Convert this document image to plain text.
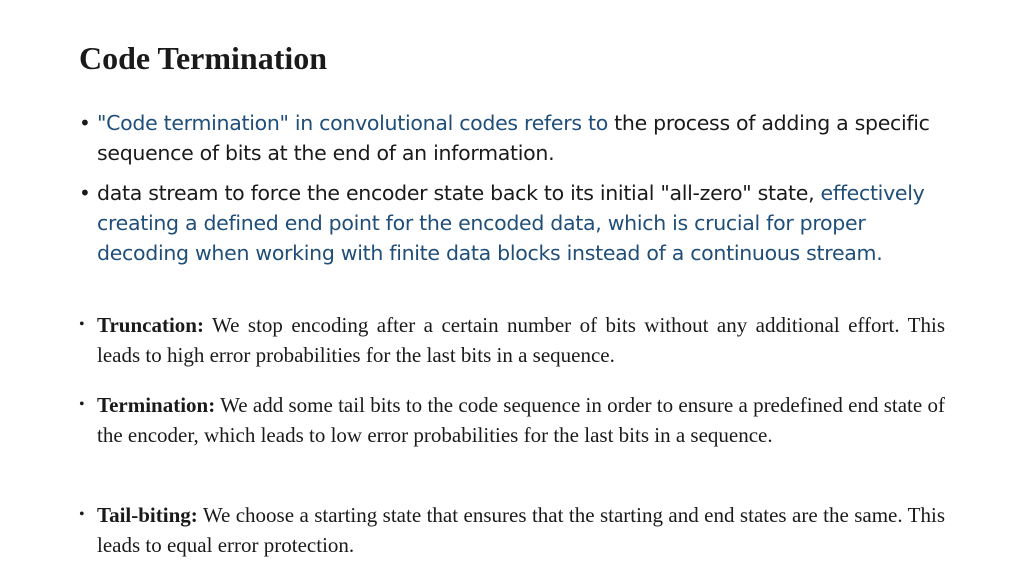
Code Termination
• "Code termination" in convolutional codes refers to the process of adding a specific sequence of bits at the end of an information.
• data stream to force the encoder state back to its initial "all-zero" state, effectively creating a defined end point for the encoded data, which is crucial for proper decoding when working with finite data blocks instead of a continuous stream.
• Truncation: We stop encoding after a certain number of bits without any additional effort. This leads to high error probabilities for the last bits in a sequence.
• Termination: We add some tail bits to the code sequence in order to ensure a predefined end state of the encoder, which leads to low error probabilities for the last bits in a sequence.
• Tail-biting: We choose a starting state that ensures that the starting and end states are the same. This leads to equal error protection.
